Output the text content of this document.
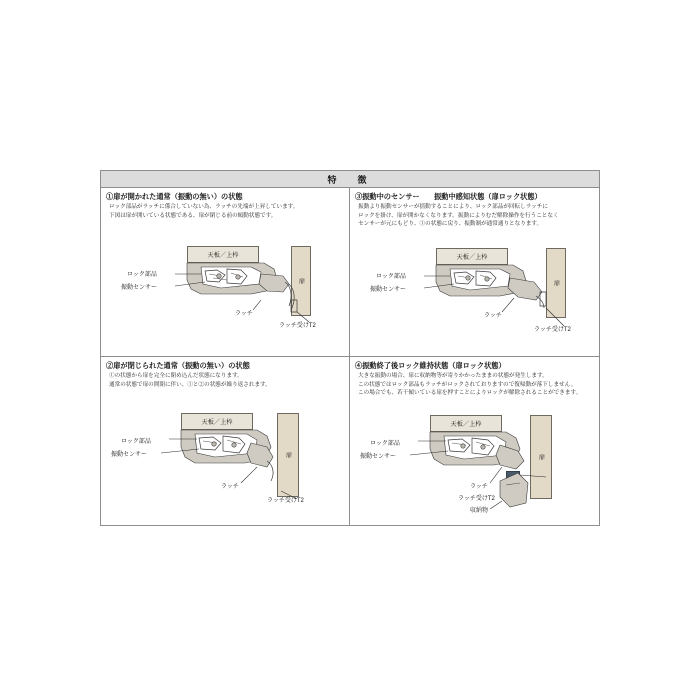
特　徴
①扉が開かれた通常（振動の無い）の状態
ロック部品がラッチに係合していない為、ラッチの先端が上昇しています。
下図は扉が開いている状態である、扉が閉じる前の傾動状態です。
天板／上枠
扉
ロック部品
振動センサー
ラッチ
ラッチ受けT2
③振動中のセンサー　　振動中感知状態（扉ロック状態）
振動より振動センサーが揺動することにより、ロック部品が回転しラッチに
ロックを掛け、扉が開かなくなります。振動によりむだ解除操作を行うことなく
センサーが元にもどり、①の状態に戻り、振動制が通常通りとなります。
天板／上枠
扉
ロック部品
振動センサー
ラッチ
ラッチ受けT2
②扉が閉じられた通常（振動の無い）の状態
①の状態から扉を完全に閉め込んだ状態になります。
通常の状態で扉の開閉に伴い、①と②の状態が繰り返されます。
天板／上枠
扉
ロック部品
振動センサー
ラッチ
ラッチ受けT2
④振動終了後ロック維持状態（扉ロック状態）
大きな振動の場合、扉に収納物等が寄りかかったままの状態が発生します。
この状態ではロック部品もラッチがロックされておりますので復帰動が落下しません。
この場合でも、若干傾いている扉を押すことによりロックが解除されることができます。
天板／上枠
扉
ロック部品
振動センサー
ラッチ
ラッチ受けT2
収納物
